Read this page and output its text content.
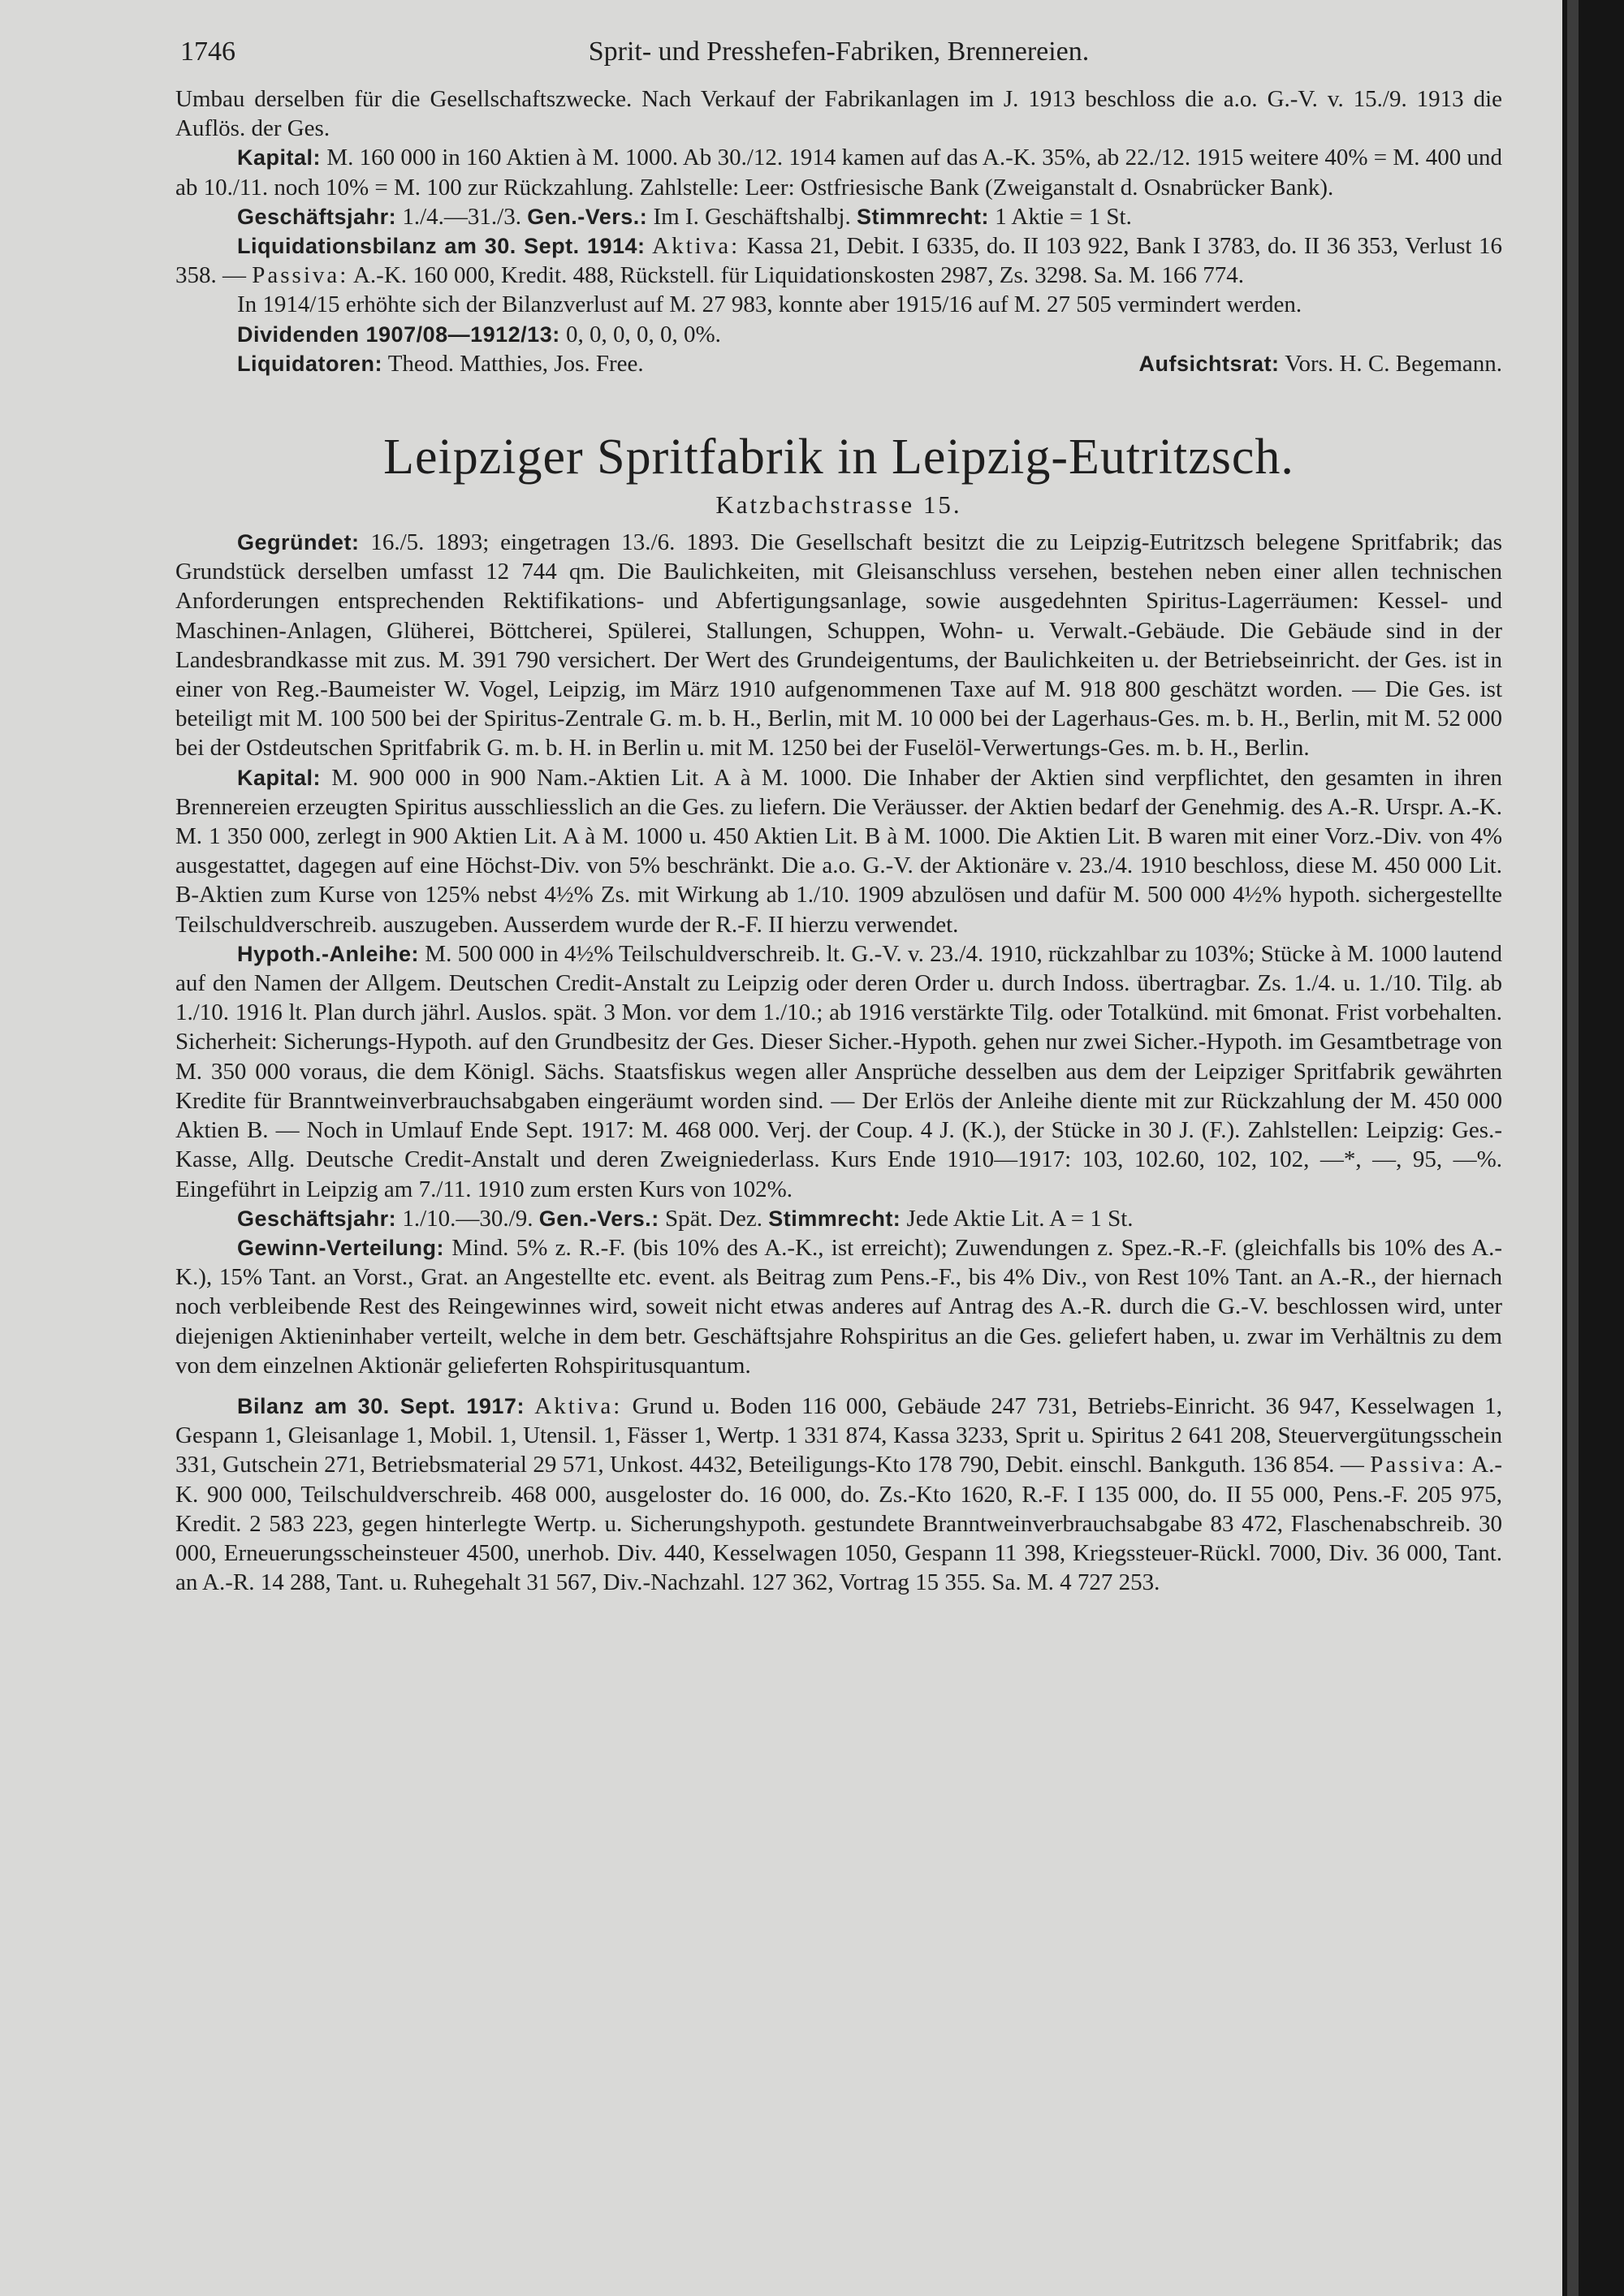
1746	Sprit- und Presshefen-Fabriken, Brennereien.

Umbau derselben für die Gesellschaftszwecke. Nach Verkauf der Fabrikanlagen im J. 1913 beschloss die a.o. G.-V. v. 15./9. 1913 die Auflös. der Ges.

Kapital: M. 160 000 in 160 Aktien à M. 1000. Ab 30./12. 1914 kamen auf das A.-K. 35%, ab 22./12. 1915 weitere 40% = M. 400 und ab 10./11. noch 10% = M. 100 zur Rückzahlung. Zahlstelle: Leer: Ostfriesische Bank (Zweiganstalt d. Osnabrücker Bank).

Geschäftsjahr: 1./4.—31./3. Gen.-Vers.: Im I. Geschäftshalbj. Stimmrecht: 1 Aktie = 1 St.

Liquidationsbilanz am 30. Sept. 1914: Aktiva: Kassa 21, Debit. I 6335, do. II 103 922, Bank I 3783, do. II 36 353, Verlust 16 358. — Passiva: A.-K. 160 000, Kredit. 488, Rückstell. für Liquidationskosten 2987, Zs. 3298. Sa. M. 166 774.

In 1914/15 erhöhte sich der Bilanzverlust auf M. 27 983, konnte aber 1915/16 auf M. 27 505 vermindert werden.

Dividenden 1907/08—1912/13: 0, 0, 0, 0, 0, 0%.

Liquidatoren: Theod. Matthies, Jos. Free.	Aufsichtsrat: Vors. H. C. Begemann.
Leipziger Spritfabrik in Leipzig-Eutritzsch.
Katzbachstrasse 15.

Gegründet: 16./5. 1893; eingetragen 13./6. 1893. Die Gesellschaft besitzt die zu Leipzig-Eutritzsch belegene Spritfabrik; das Grundstück derselben umfasst 12 744 qm. Die Baulichkeiten, mit Gleisanschluss versehen, bestehen neben einer allen technischen Anforderungen entsprechenden Rektifikations- und Abfertigungsanlage, sowie ausgedehnten Spiritus-Lagerräumen: Kessel- und Maschinen-Anlagen, Glüherei, Böttcherei, Spülerei, Stallungen, Schuppen, Wohn- u. Verwalt.-Gebäude. Die Gebäude sind in der Landesbrandkasse mit zus. M. 391 790 versichert. Der Wert des Grundeigentums, der Baulichkeiten u. der Betriebseinricht. der Ges. ist in einer von Reg.-Baumeister W. Vogel, Leipzig, im März 1910 aufgenommenen Taxe auf M. 918 800 geschätzt worden. — Die Ges. ist beteiligt mit M. 100 500 bei der Spiritus-Zentrale G. m. b. H., Berlin, mit M. 10 000 bei der Lagerhaus-Ges. m. b. H., Berlin, mit M. 52 000 bei der Ostdeutschen Spritfabrik G. m. b. H. in Berlin u. mit M. 1250 bei der Fuselöl-Verwertungs-Ges. m. b. H., Berlin.

Kapital: M. 900 000 in 900 Nam.-Aktien Lit. A à M. 1000. Die Inhaber der Aktien sind verpflichtet, den gesamten in ihren Brennereien erzeugten Spiritus ausschliesslich an die Ges. zu liefern. Die Veräusser. der Aktien bedarf der Genehmig. des A.-R. Urspr. A.-K. M. 1 350 000, zerlegt in 900 Aktien Lit. A à M. 1000 u. 450 Aktien Lit. B à M. 1000. Die Aktien Lit. B waren mit einer Vorz.-Div. von 4% ausgestattet, dagegen auf eine Höchst-Div. von 5% beschränkt. Die a.o. G.-V. der Aktionäre v. 23./4. 1910 beschloss, diese M. 450 000 Lit. B-Aktien zum Kurse von 125% nebst 4½% Zs. mit Wirkung ab 1./10. 1909 abzulösen und dafür M. 500 000 4½% hypoth. sichergestellte Teilschuldverschreib. auszugeben. Ausserdem wurde der R.-F. II hierzu verwendet.

Hypoth.-Anleihe: M. 500 000 in 4½% Teilschuldverschreib. lt. G.-V. v. 23./4. 1910, rückzahlbar zu 103%; Stücke à M. 1000 lautend auf den Namen der Allgem. Deutschen Credit-Anstalt zu Leipzig oder deren Order u. durch Indoss. übertragbar. Zs. 1./4. u. 1./10. Tilg. ab 1./10. 1916 lt. Plan durch jährl. Auslos. spät. 3 Mon. vor dem 1./10.; ab 1916 verstärkte Tilg. oder Totalkünd. mit 6monat. Frist vorbehalten. Sicherheit: Sicherungs-Hypoth. auf den Grundbesitz der Ges. Dieser Sicher.-Hypoth. gehen nur zwei Sicher.-Hypoth. im Gesamtbetrage von M. 350 000 voraus, die dem Königl. Sächs. Staatsfiskus wegen aller Ansprüche desselben aus dem der Leipziger Spritfabrik gewährten Kredite für Branntweinverbrauchsabgaben eingeräumt worden sind. — Der Erlös der Anleihe diente mit zur Rückzahlung der M. 450 000 Aktien B. — Noch in Umlauf Ende Sept. 1917: M. 468 000. Verj. der Coup. 4 J. (K.), der Stücke in 30 J. (F.). Zahlstellen: Leipzig: Ges.-Kasse, Allg. Deutsche Credit-Anstalt und deren Zweigniederlass. Kurs Ende 1910—1917: 103, 102.60, 102, 102, —*, —, 95, —%. Eingeführt in Leipzig am 7./11. 1910 zum ersten Kurs von 102%.

Geschäftsjahr: 1./10.—30./9. Gen.-Vers.: Spät. Dez. Stimmrecht: Jede Aktie Lit. A = 1 St.

Gewinn-Verteilung: Mind. 5% z. R.-F. (bis 10% des A.-K., ist erreicht); Zuwendungen z. Spez.-R.-F. (gleichfalls bis 10% des A.-K.), 15% Tant. an Vorst., Grat. an Angestellte etc. event. als Beitrag zum Pens.-F., bis 4% Div., von Rest 10% Tant. an A.-R., der hiernach noch verbleibende Rest des Reingewinnes wird, soweit nicht etwas anderes auf Antrag des A.-R. durch die G.-V. beschlossen wird, unter diejenigen Aktieninhaber verteilt, welche in dem betr. Geschäftsjahre Rohspiritus an die Ges. geliefert haben, u. zwar im Verhältnis zu dem von dem einzelnen Aktionär gelieferten Rohspiritusquantum.

Bilanz am 30. Sept. 1917: Aktiva: Grund u. Boden 116 000, Gebäude 247 731, Betriebs-Einricht. 36 947, Kesselwagen 1, Gespann 1, Gleisanlage 1, Mobil. 1, Utensil. 1, Fässer 1, Wertp. 1 331 874, Kassa 3233, Sprit u. Spiritus 2 641 208, Steuervergütungsschein 331, Gutschein 271, Betriebsmaterial 29 571, Unkost. 4432, Beteiligungs-Kto 178 790, Debit. einschl. Bankguth. 136 854. — Passiva: A.-K. 900 000, Teilschuldverschreib. 468 000, ausgeloster do. 16 000, do. Zs.-Kto 1620, R.-F. I 135 000, do. II 55 000, Pens.-F. 205 975, Kredit. 2 583 223, gegen hinterlegte Wertp. u. Sicherungshypoth. gestundete Branntweinverbrauchsabgabe 83 472, Flaschenabschreib. 30 000, Erneuerungsscheinsteuer 4500, unerhob. Div. 440, Kesselwagen 1050, Gespann 11 398, Kriegssteuer-Rückl. 7000, Div. 36 000, Tant. an A.-R. 14 288, Tant. u. Ruhegehalt 31 567, Div.-Nachzahl. 127 362, Vortrag 15 355. Sa. M. 4 727 253.
